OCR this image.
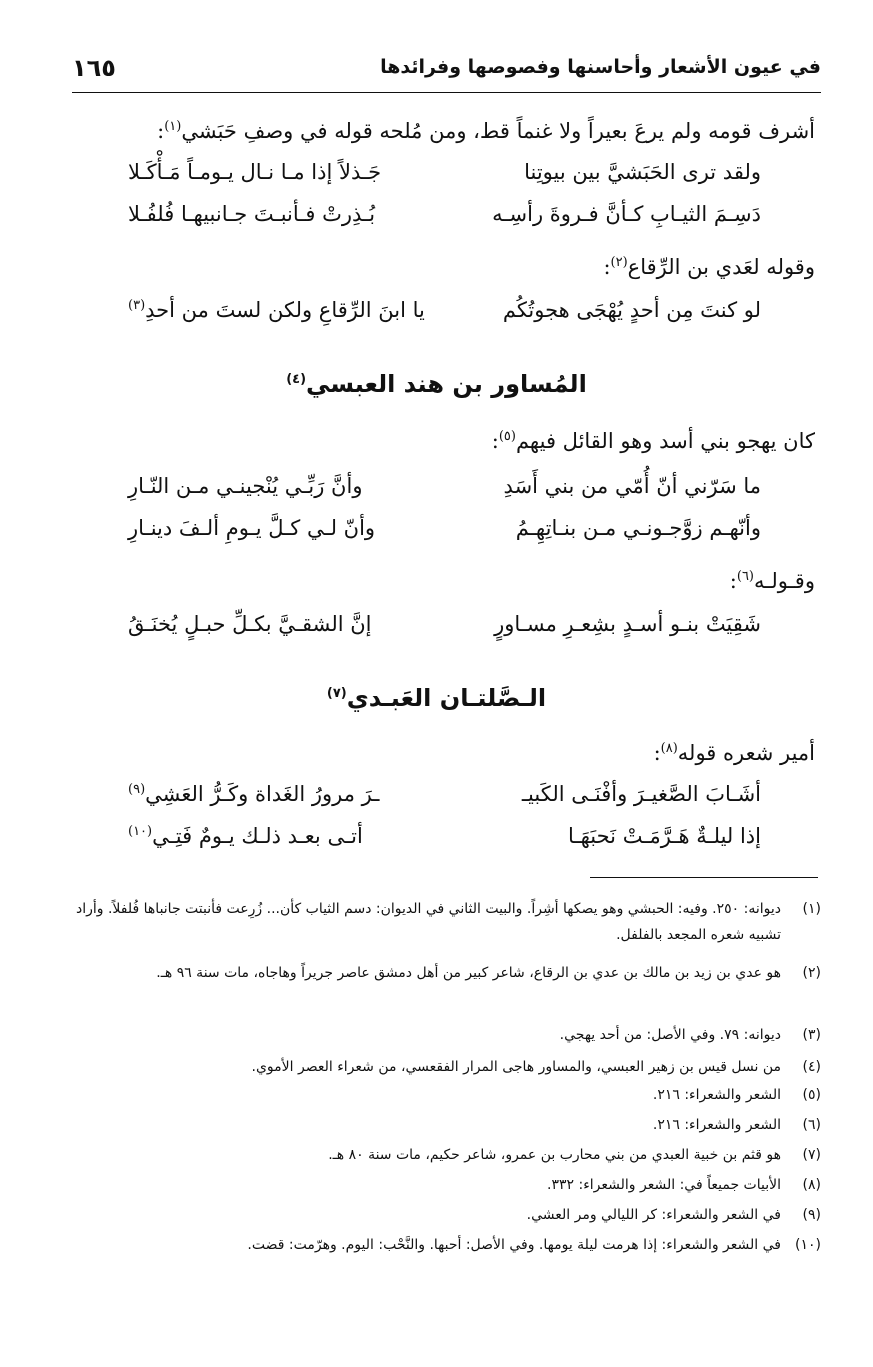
في عيون الأشعار وأحاسنها وفصوصها وفرائدها
١٦٥
أشرف قومه ولم يرعَ بعيراً ولا غنماً قط، ومن مُلحه قوله في وصفِ حَبَشي$^{(١)}$:
ولقد ترى الحَبَشيَّ بين بيوتِنا
جَـذلاً إذا مـا نـال يـومـاً مَـأْكَـلا
دَسِـمَ الثيـابِ كـأنَّ فـروةَ رأسِـه
بُـذِرتْ فـأنبـتَ جـانبيهـا فُلفُـلا
وقوله لعَدي بن الرِّقاع$^{(٢)}$:
لو كنتَ مِن أحدٍ يُهْجَى هجوتُكُم
يا ابنَ الرِّقاعِ ولكن لستَ من أحدِ$^{(٣)}$
المُساور بن هند العبسي$^{(٤)}$
كان يهجو بني أسد وهو القائل فيهم$^{(٥)}$:
ما سَرّني أنّ أُمّي من بني أَسَدِ
وأنَّ رَبِّـي يُنْجينـي مـن النّـارِ
وأنّهـم زوَّجـونـي مـن بنـاتِهِـمُ
وأنّ لـي كـلَّ يـومِ ألـفَ دينـارِ
وقـولـه$^{(٦)}$:
شَقِيَتْ بنـو أسـدٍ بشِعـرِ مسـاورٍ
إنَّ الشقـيَّ بكـلِّ حبـلٍ يُخنَـقُ
الـصَّلتـان العَبـدي$^{(٧)}$
أمير شعره قوله$^{(٨)}$:
أشَـابَ الصَّغيـرَ وأفْنَـى الكَبيـ
ـرَ مرورُ الغَداة وكَـرُّ العَشِي$^{(٩)}$
إذا ليلـةٌ هَـرَّمَـتْ نَحبَهَـا
أتـى بعـد ذلـك يـومٌ فَتِـي$^{(١٠)}$
(١)
ديوانه: ٢٥٠. وفيه: الحبشي وهو يصكها أشِراً. والبيت الثاني في الديوان: دسم الثياب كأن... زُرِعت فأنبتت جانباها فُلفلاً. وأراد تشبيه شعره المجعد بالفلفل.
(٢)
هو عدي بن زيد بن مالك بن عدي بن الرقاع، شاعر كبير من أهل دمشق عاصر جريراً وهاجاه، مات سنة ٩٦ هـ.
(٣)
ديوانه: ٧٩. وفي الأصل: من أحد يهجي.
(٤)
من نسل قيس بن زهير العبسي، والمساور هاجى المرار الفقعسي، من شعراء العصر الأموي.
(٥)
الشعر والشعراء: ٢١٦.
(٦)
الشعر والشعراء: ٢١٦.
(٧)
هو قثم بن خبية العبدي من بني محارب بن عمرو، شاعر حكيم، مات سنة ٨٠ هـ.
(٨)
الأبيات جميعاً في: الشعر والشعراء: ٣٣٢.
(٩)
في الشعر والشعراء: كر الليالي ومر العشي.
(١٠)
في الشعر والشعراء: إذا هرمت ليلة يومها. وفي الأصل: أحبها. والنَّحْب: اليوم. وهرّمت: قضت.
